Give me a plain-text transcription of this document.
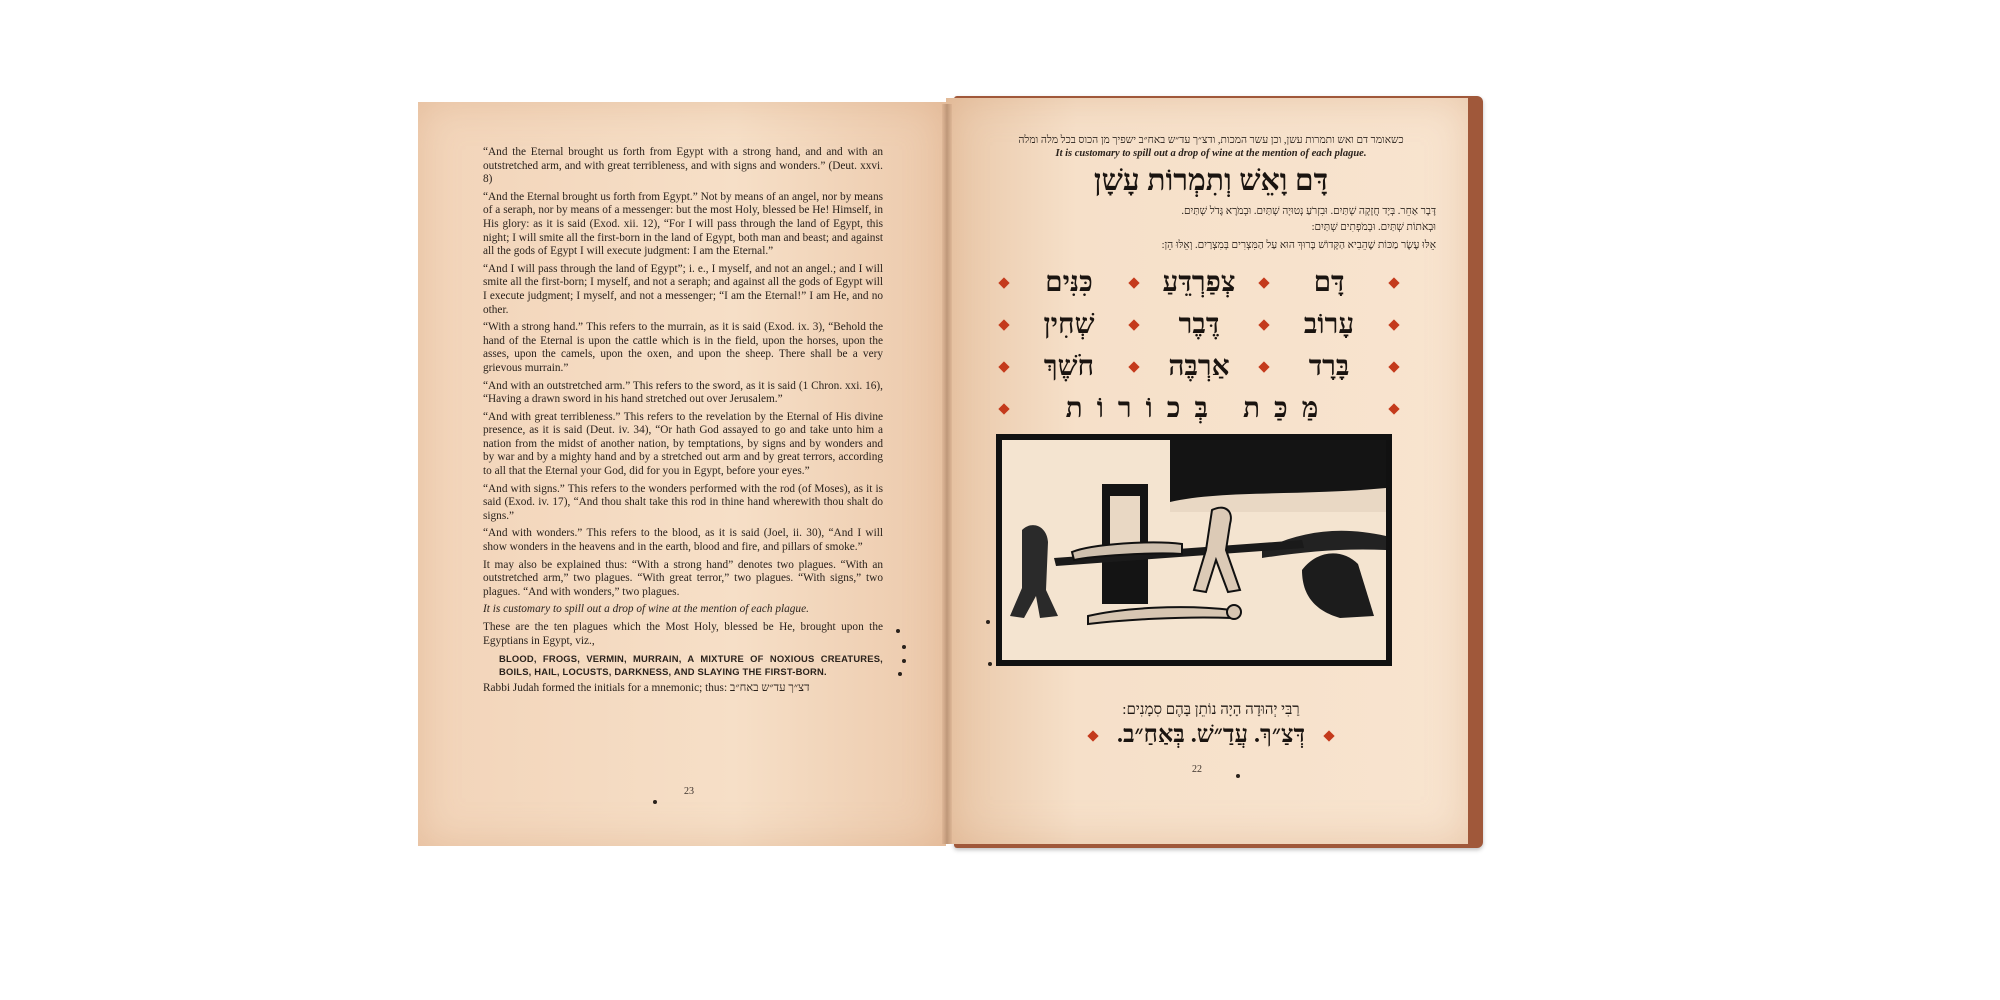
“And the Eternal brought us forth from Egypt with a strong hand, and and with an outstretched arm, and with great terribleness, and with signs and wonders.” (Deut. xxvi. 8)

“And the Eternal brought us forth from Egypt.” Not by means of an angel, nor by means of a seraph, nor by means of a messenger: but the most Holy, blessed be He! Himself, in His glory: as it is said (Exod. xii. 12), “For I will pass through the land of Egypt, this night; I will smite all the first-born in the land of Egypt, both man and beast; and against all the gods of Egypt I will execute judgment: I am the Eternal.”

“And I will pass through the land of Egypt”; i. e., I myself, and not an angel.; and I will smite all the first-born; I myself, and not a seraph; and against all the gods of Egypt will I execute judgment; I myself, and not a messenger; “I am the Eternal!” I am He, and no other.

“With a strong hand.” This refers to the murrain, as it is said (Exod. ix. 3), “Behold the hand of the Eternal is upon the cattle which is in the field, upon the horses, upon the asses, upon the camels, upon the oxen, and upon the sheep. There shall be a very grievous murrain.”

“And with an outstretched arm.” This refers to the sword, as it is said (1 Chron. xxi. 16), “Having a drawn sword in his hand stretched out over Jerusalem.”

“And with great terribleness.” This refers to the revelation by the Eternal of His divine presence, as it is said (Deut. iv. 34), “Or hath God assayed to go and take unto him a nation from the midst of another nation, by temptations, by signs and by wonders and by war and by a mighty hand and by a stretched out arm and by great terrors, according to all that the Eternal your God, did for you in Egypt, before your eyes.”

“And with signs.” This refers to the wonders performed with the rod (of Moses), as it is said (Exod. iv. 17), “And thou shalt take this rod in thine hand wherewith thou shalt do signs.”

“And with wonders.” This refers to the blood, as it is said (Joel, ii. 30), “And I will show wonders in the heavens and in the earth, blood and fire, and pillars of smoke.”

It may also be explained thus: “With a strong hand” denotes two plagues. “With an outstretched arm,” two plagues. “With great terror,” two plagues. “With signs,” two plagues. “And with wonders,” two plagues.

It is customary to spill out a drop of wine at the mention of each plague.

These are the ten plagues which the Most Holy, blessed be He, brought upon the Egyptians in Egypt, viz.,

BLOOD, FROGS, VERMIN, MURRAIN, A MIXTURE OF NOXIOUS CREATURES, BOILS, HAIL, LOCUSTS, DARKNESS, AND SLAYING THE FIRST-BORN.

Rabbi Judah formed the initials for a mnemonic; thus: דצ״ך עד״ש באח״ב

23
כשאומר דם ואש ותמרות עשן, וכן עשר המכות, ודצ״ך עד״ש באח״ב ישפיך מן הכוס בכל מלה ומלה
It is customary to spill out a drop of wine at the mention of each plague.
דָּם וָאֵשׁ וְתִמְרוֹת עָשָׁן
דָּבָר אַחֵר. בְּיָד חֲזָקָה שְׁתַּיִם. וּבִזְרֹעַ נְטוּיָה שְׁתַּיִם. וּבְמֹרָא גָּדֹל שְׁתַּיִם.
וּבְאֹתוֹת שְׁתַּיִם. וּבְמֹפְתִים שְׁתַּיִם:
אֵלּוּ עֶשֶׂר מַכּוֹת שֶׁהֵבִיא הַקָּדוֹשׁ בָּרוּךְ הוּא עַל הַמִּצְרִים בְּמִצְרַיִם. וְאֵלּוּ הֵן:
כִּנִּים	צְפַרְדֵּעַ	דָּם
שְׁחִין	דֶּבֶר	עָרוֹב
חֹשֶׁךְ	אַרְבֶּה	בָּרָד
מַּכַּת בְּכוֹרוֹת
רַבִּי יְהוּדָה הָיָה נוֹתֵן בָּהֶם סִמָנִים:
דְּצַ״ךְ. עֲדַ״שׁ. בְּאַחַ״ב.
22
